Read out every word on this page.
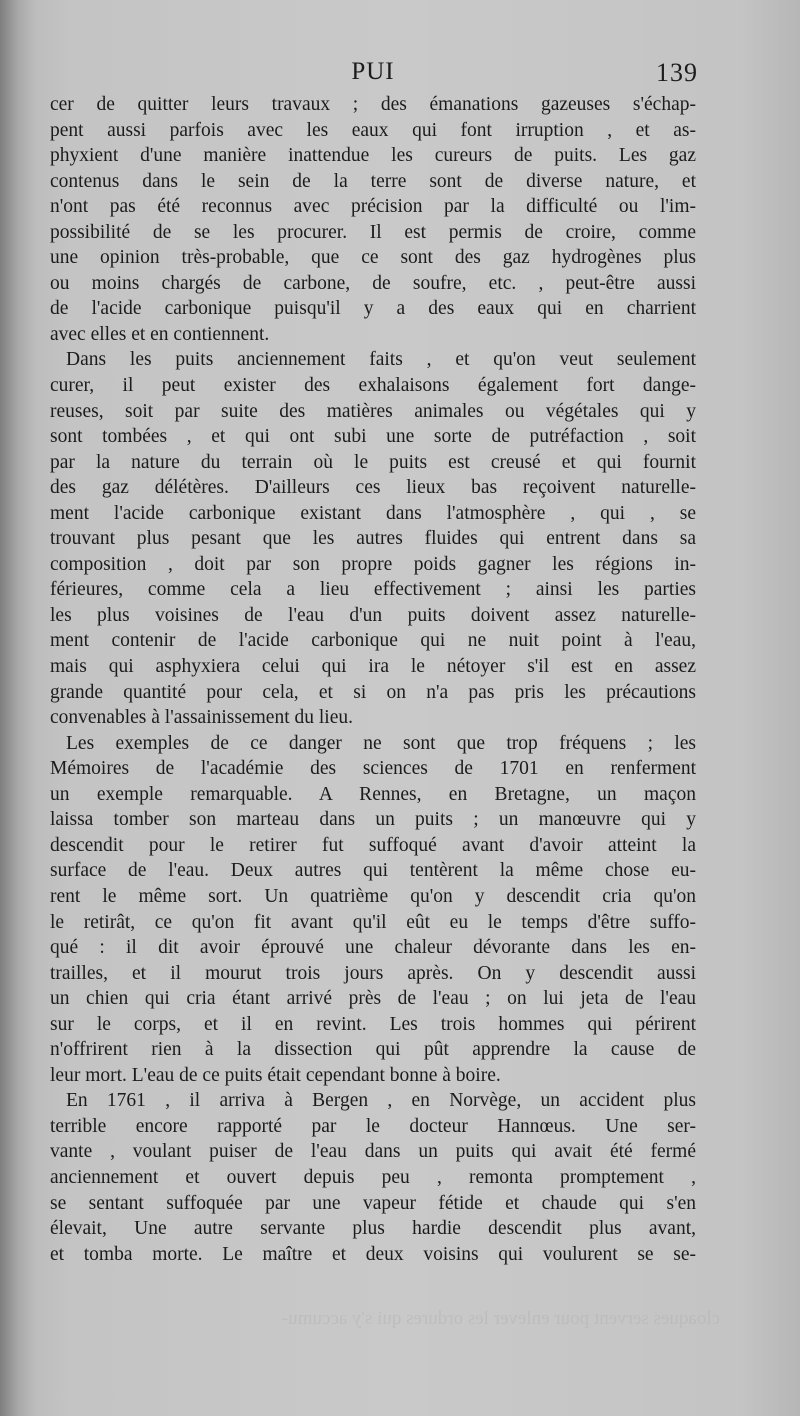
PUI	139
cer de quitter leurs travaux ; des émanations gazeuses s'échap-
pent aussi parfois avec les eaux qui font irruption , et as-
phyxient d'une manière inattendue les cureurs de puits. Les gaz
contenus dans le sein de la terre sont de diverse nature, et
n'ont pas été reconnus avec précision par la difficulté ou l'im-
possibilité de se les procurer. Il est permis de croire, comme
une opinion très-probable, que ce sont des gaz hydrogènes plus
ou moins chargés de carbone, de soufre, etc. , peut-être aussi
de l'acide carbonique puisqu'il y a des eaux qui en charrient
avec elles et en contiennent.
Dans les puits anciennement faits , et qu'on veut seulement
curer, il peut exister des exhalaisons également fort dange-
reuses, soit par suite des matières animales ou végétales qui y
sont tombées , et qui ont subi une sorte de putréfaction , soit
par la nature du terrain où le puits est creusé et qui fournit
des gaz délétères. D'ailleurs ces lieux bas reçoivent naturelle-
ment l'acide carbonique existant dans l'atmosphère , qui , se
trouvant plus pesant que les autres fluides qui entrent dans sa
composition , doit par son propre poids gagner les régions in-
férieures, comme cela a lieu effectivement ; ainsi les parties
les plus voisines de l'eau d'un puits doivent assez naturelle-
ment contenir de l'acide carbonique qui ne nuit point à l'eau,
mais qui asphyxiera celui qui ira le nétoyer s'il est en assez
grande quantité pour cela, et si on n'a pas pris les précautions
convenables à l'assainissement du lieu.
Les exemples de ce danger ne sont que trop fréquens ; les
Mémoires de l'académie des sciences de 1701 en renferment
un exemple remarquable. A Rennes, en Bretagne, un maçon
laissa tomber son marteau dans un puits ; un manœuvre qui y
descendit pour le retirer fut suffoqué avant d'avoir atteint la
surface de l'eau. Deux autres qui tentèrent la même chose eu-
rent le même sort. Un quatrième qu'on y descendit cria qu'on
le retirât, ce qu'on fit avant qu'il eût eu le temps d'être suffo-
qué : il dit avoir éprouvé une chaleur dévorante dans les en-
trailles, et il mourut trois jours après. On y descendit aussi
un chien qui cria étant arrivé près de l'eau ; on lui jeta de l'eau
sur le corps, et il en revint. Les trois hommes qui périrent
n'offrirent rien à la dissection qui pût apprendre la cause de
leur mort. L'eau de ce puits était cependant bonne à boire.
En 1761 , il arriva à Bergen , en Norvège, un accident plus
terrible encore rapporté par le docteur Hannœus. Une ser-
vante , voulant puiser de l'eau dans un puits qui avait été fermé
anciennement et ouvert depuis peu , remonta promptement ,
se sentant suffoquée par une vapeur fétide et chaude qui s'en
élevait, Une autre servante plus hardie descendit plus avant,
et tomba morte. Le maître et deux voisins qui voulurent se se-
cloaques servent pour enlever les ordures qui s'y accumu-
